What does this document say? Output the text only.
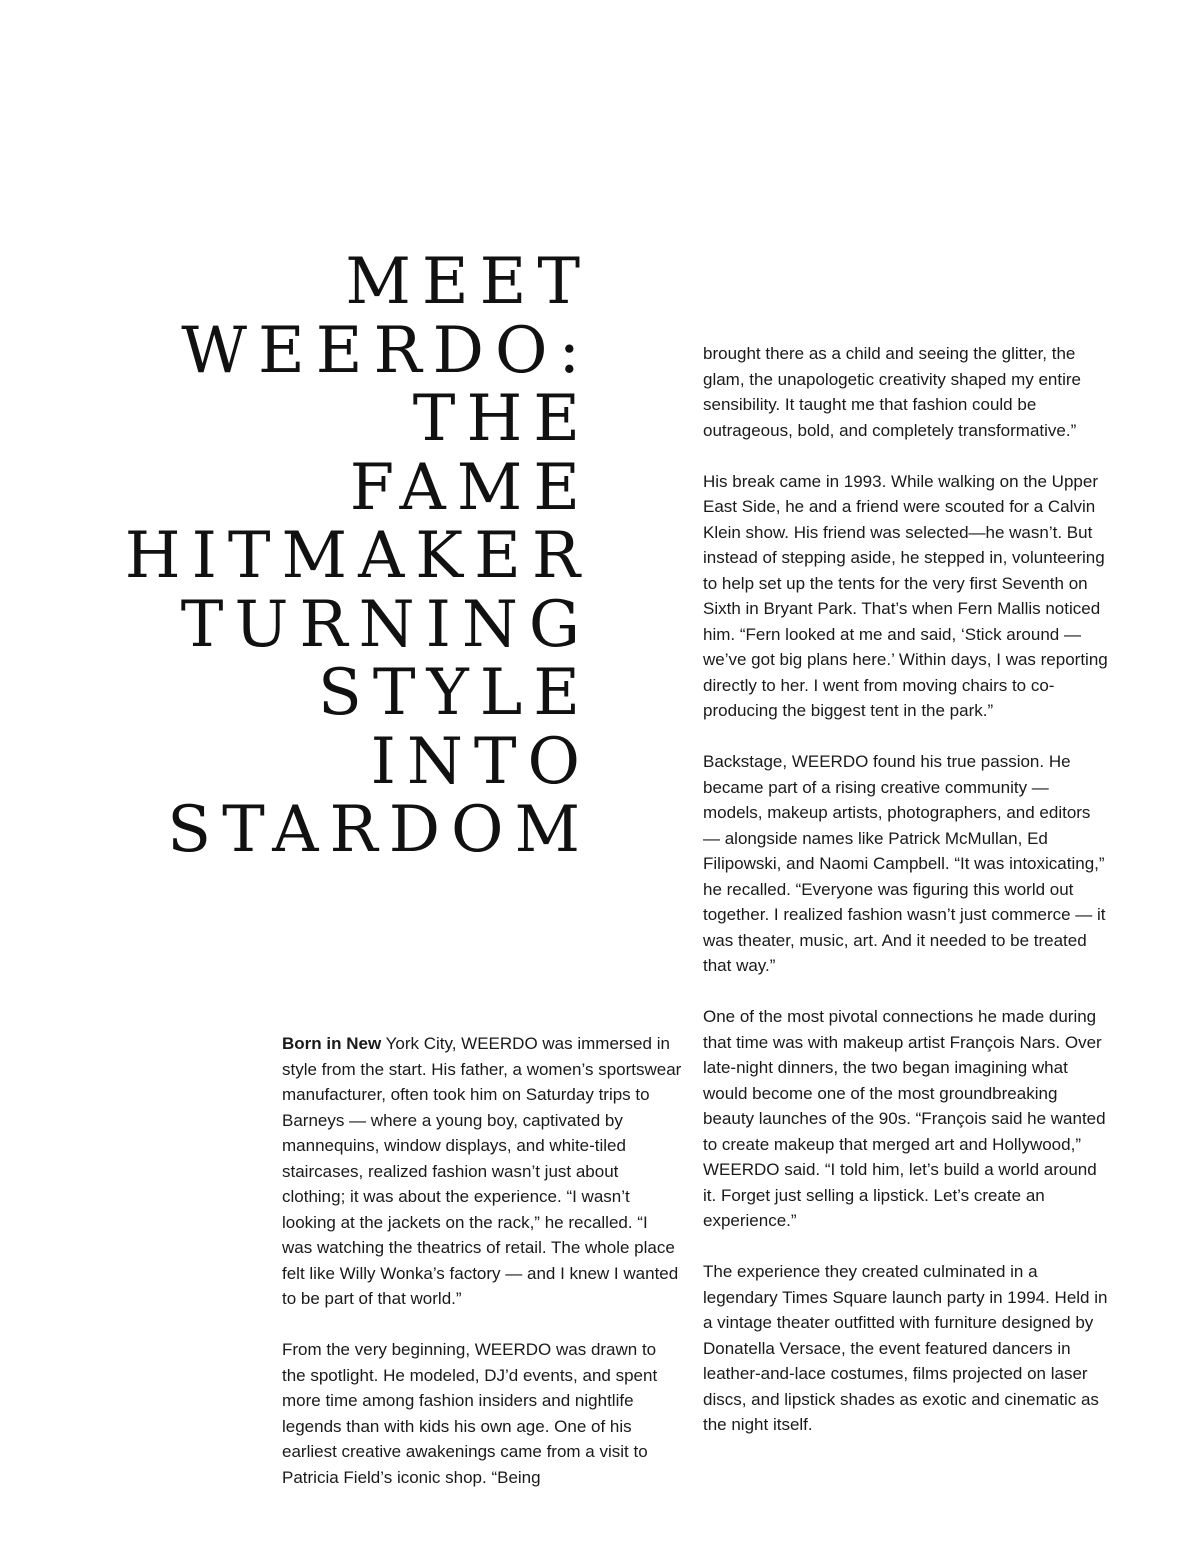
MEET
WEERDO:
THE
FAME
HITMAKER
TURNING
STYLE
INTO
STARDOM

Born in New York City, WEERDO was immersed in style from the start. His father, a women’s sportswear manufacturer, often took him on Saturday trips to Barneys — where a young boy, captivated by mannequins, window displays, and white-tiled staircases, realized fashion wasn’t just about clothing; it was about the experience. “I wasn’t looking at the jackets on the rack,” he recalled. “I was watching the theatrics of retail. The whole place felt like Willy Wonka’s factory — and I knew I wanted to be part of that world.”

From the very beginning, WEERDO was drawn to the spotlight. He modeled, DJ’d events, and spent more time among fashion insiders and nightlife legends than with kids his own age. One of his earliest creative awakenings came from a visit to Patricia Field’s iconic shop. “Being

brought there as a child and seeing the glitter, the glam, the unapologetic creativity shaped my entire sensibility. It taught me that fashion could be outrageous, bold, and completely transformative.”

His break came in 1993. While walking on the Upper East Side, he and a friend were scouted for a Calvin Klein show. His friend was selected—he wasn’t. But instead of stepping aside, he stepped in, volunteering to help set up the tents for the very first Seventh on Sixth in Bryant Park. That’s when Fern Mallis noticed him. “Fern looked at me and said, ‘Stick around — we’ve got big plans here.’ Within days, I was reporting directly to her. I went from moving chairs to co-producing the biggest tent in the park.”

Backstage, WEERDO found his true passion. He became part of a rising creative community — models, makeup artists, photographers, and editors — alongside names like Patrick McMullan, Ed Filipowski, and Naomi Campbell. “It was intoxicating,” he recalled. “Everyone was figuring this world out together. I realized fashion wasn’t just commerce — it was theater, music, art. And it needed to be treated that way.”

One of the most pivotal connections he made during that time was with makeup artist François Nars. Over late-night dinners, the two began imagining what would become one of the most groundbreaking beauty launches of the 90s. “François said he wanted to create makeup that merged art and Hollywood,” WEERDO said. “I told him, let’s build a world around it. Forget just selling a lipstick. Let’s create an experience.”

The experience they created culminated in a legendary Times Square launch party in 1994. Held in a vintage theater outfitted with furniture designed by Donatella Versace, the event featured dancers in leather-and-lace costumes, films projected on laser discs, and lipstick shades as exotic and cinematic as the night itself.
